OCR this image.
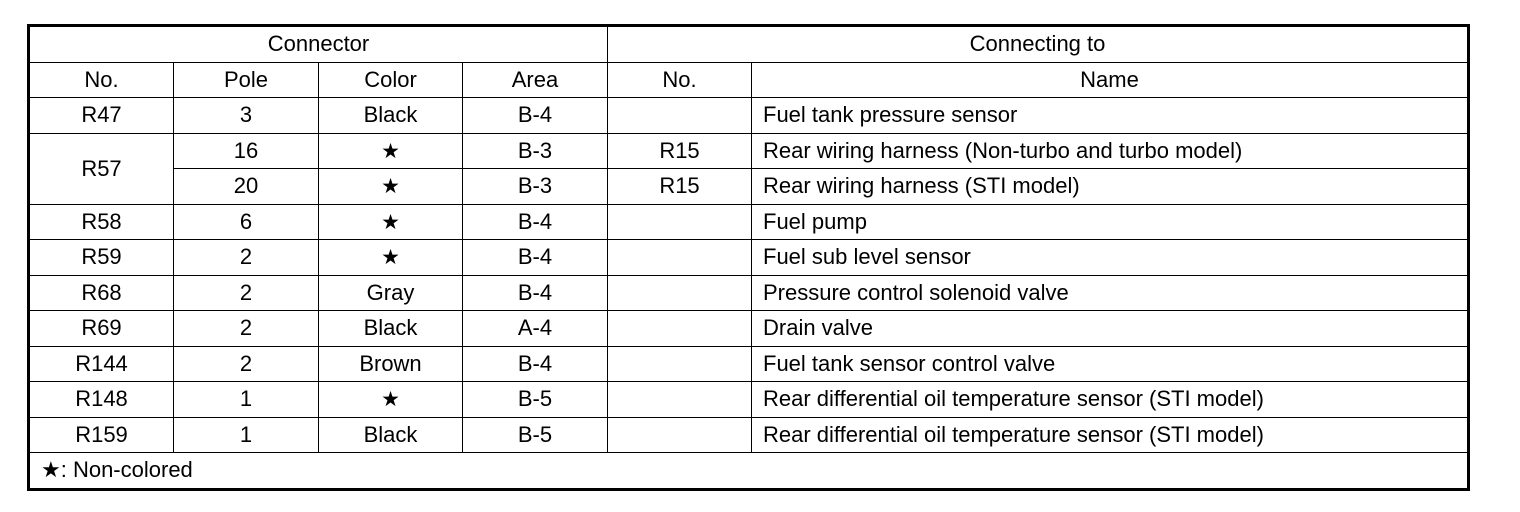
Connector				Connecting to	
No.	Pole	Color	Area	No.	Name
R47	3	Black	B-4		Fuel tank pressure sensor
R57	16	★	B-3	R15	Rear wiring harness (Non-turbo and turbo model)
	20	★	B-3	R15	Rear wiring harness (STI model)
R58	6	★	B-4		Fuel pump
R59	2	★	B-4		Fuel sub level sensor
R68	2	Gray	B-4		Pressure control solenoid valve
R69	2	Black	A-4		Drain valve
R144	2	Brown	B-4		Fuel tank sensor control valve
R148	1	★	B-5		Rear differential oil temperature sensor (STI model)
R159	1	Black	B-5		Rear differential oil temperature sensor (STI model)
★: Non-colored					
